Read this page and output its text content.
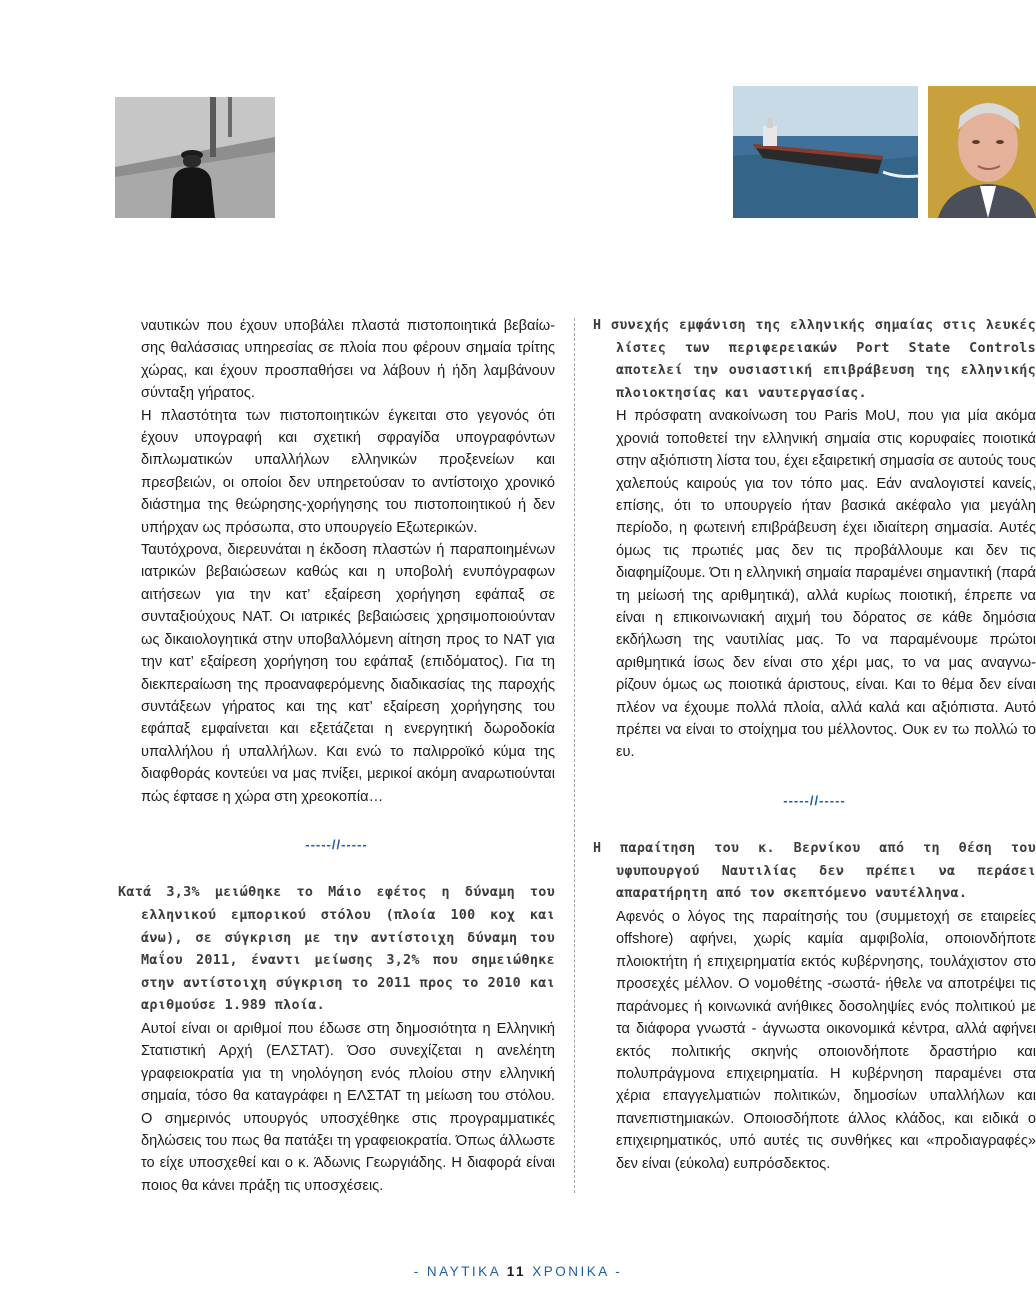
ναυτικών που έχουν υποβάλει πλαστά πιστοποιητικά βεβαίω- σης θαλάσσιας υπηρεσίας σε πλοία που φέρουν σημαία τρίτης χώρας, και έχουν προσπαθήσει να λάβουν ή ήδη λαμβάνουν σύνταξη γήρατος.

Η πλαστότητα των πιστοποιητικών έγκειται στο γεγονός ότι έχουν υπογραφή και σχετική σφραγίδα υπογραφόντων διπλωματικών υπαλλήλων ελληνικών προξενείων και πρεσβειών, οι οποίοι δεν υπηρετούσαν το αντίστοιχο χρονικό διάστημα της θεώρησης-χορήγησης του πιστοποιητικού ή δεν υπήρχαν ως πρόσωπα, στο υπουργείο Εξωτερικών.

Ταυτόχρονα, διερευνάται η έκδοση πλαστών ή παραποιημένων ιατρικών βεβαιώσεων καθώς και η υποβολή ενυπόγραφων αιτήσεων για την κατ’ εξαίρεση χορήγηση εφάπαξ σε συνταξιούχους ΝΑΤ. Οι ιατρικές βεβαιώσεις χρησιμοποιούνταν ως δικαιολογητικά στην υποβαλλόμενη αίτηση προς το ΝΑΤ για την κατ’ εξαίρεση χορήγηση του εφάπαξ (επιδόματος). Για τη διεκπεραίωση της προαναφερόμενης διαδικασίας της παροχής συντάξεων γήρατος και της κατ’ εξαίρεση χορήγησης του εφάπαξ εμφαίνεται και εξετάζεται η ενεργητική δωροδοκία υπαλλήλου ή υπαλλήλων. Και ενώ το παλιρροϊκό κύμα της διαφθοράς κοντεύει να μας πνίξει, μερικοί ακόμη αναρωτιούνται πώς έφτασε η χώρα στη χρεοκοπία…

-----//-----

Κατά 3,3% μειώθηκε το Μάιο εφέτος η δύναμη του ελληνικού εμπορικού στόλου (πλοία 100 κοχ και άνω), σε σύγκριση με την αντίστοιχη δύναμη του Μαΐου 2011, έναντι μείωσης 3,2% που σημειώθηκε στην αντίστοιχη σύγκριση το 2011 προς το 2010 και αριθμούσε 1.989 πλοία.

Αυτοί είναι οι αριθμοί που έδωσε στη δημοσιότητα η Ελληνική Στατιστική Αρχή (ΕΛΣΤΑΤ). Όσο συνεχίζεται η ανελέητη γραφειοκρατία για τη νηολόγηση ενός πλοίου στην ελληνική σημαία, τόσο θα καταγράφει η ΕΛΣΤΑΤ τη μείωση του στόλου. Ο σημερινός υπουργός υποσχέθηκε στις προγραμματικές δηλώσεις του πως θα πατάξει τη γραφειοκρατία. Όπως άλλωστε το είχε υποσχεθεί και ο κ. Άδωνις Γεωργιάδης. Η διαφορά είναι ποιος θα κάνει πράξη τις υποσχέσεις.

Η συνεχής εμφάνιση της ελληνικής σημαίας στις λευκές λίστες των περιφερειακών Port State Controls αποτελεί την ουσιαστική επιβράβευση της ελληνικής πλοιοκτησίας και ναυτεργασίας.

Η πρόσφατη ανακοίνωση του Paris MoU, που για μία ακόμα χρονιά τοποθετεί την ελληνική σημαία στις κορυφαίες ποιοτικά στην αξιόπιστη λίστα του, έχει εξαιρετική σημασία σε αυτούς τους χαλεπούς καιρούς για τον τόπο μας. Εάν αναλογιστεί κανείς, επίσης, ότι το υπουργείο ήταν βασικά ακέφαλο για μεγάλη περίοδο, η φωτεινή επιβράβευση έχει ιδιαίτερη σημασία. Αυτές όμως τις πρωτιές μας δεν τις προβάλλουμε και δεν τις διαφημίζουμε. Ότι η ελληνική σημαία παραμένει σημαντική (παρά τη μείωσή της αριθμητικά), αλλά κυρίως ποιοτική, έπρεπε να είναι η επικοινωνιακή αιχμή του δόρατος σε κάθε δημόσια εκδήλωση της ναυτιλίας μας. Το να παραμένουμε πρώτοι αριθμητικά ίσως δεν είναι στο χέρι μας, το να μας αναγνω- ρίζουν όμως ως ποιοτικά άριστους, είναι. Και το θέμα δεν είναι πλέον να έχουμε πολλά πλοία, αλλά καλά και αξιόπιστα. Αυτό πρέπει να είναι το στοίχημα του μέλλοντος. Ουκ εν τω πολλώ το ευ.

-----//-----

Η παραίτηση του κ. Βερνίκου από τη θέση του υφυπουργού Ναυτιλίας δεν πρέπει να περάσει απαρατήρητη από τον σκεπτόμενο ναυτέλληνα.

Αφενός ο λόγος της παραίτησής του (συμμετοχή σε εταιρείες offshore) αφήνει, χωρίς καμία αμφιβολία, οποιονδήποτε πλοιοκτήτη ή επιχειρηματία εκτός κυβέρνησης, τουλάχιστον στο προσεχές μέλλον. Ο νομοθέτης -σωστά- ήθελε να αποτρέψει τις παράνομες ή κοινωνικά ανήθικες δοσοληψίες ενός πολιτικού με τα διάφορα γνωστά - άγνωστα οικονομικά κέντρα, αλλά αφήνει εκτός πολιτικής σκηνής οποιονδήποτε δραστήριο και πολυπράγμονα επιχειρηματία. Η κυβέρνηση παραμένει στα χέρια επαγγελματιών πολιτικών, δημοσίων υπαλλήλων και πανεπιστημιακών. Οποιοσδήποτε άλλος κλάδος, και ειδικά ο επιχειρηματικός, υπό αυτές τις συνθήκες και «προδιαγραφές» δεν είναι (εύκολα) ευπρόσδεκτος.

- ΝΑΥΤΙΚΑ 11 ΧΡΟΝΙΚΑ -
